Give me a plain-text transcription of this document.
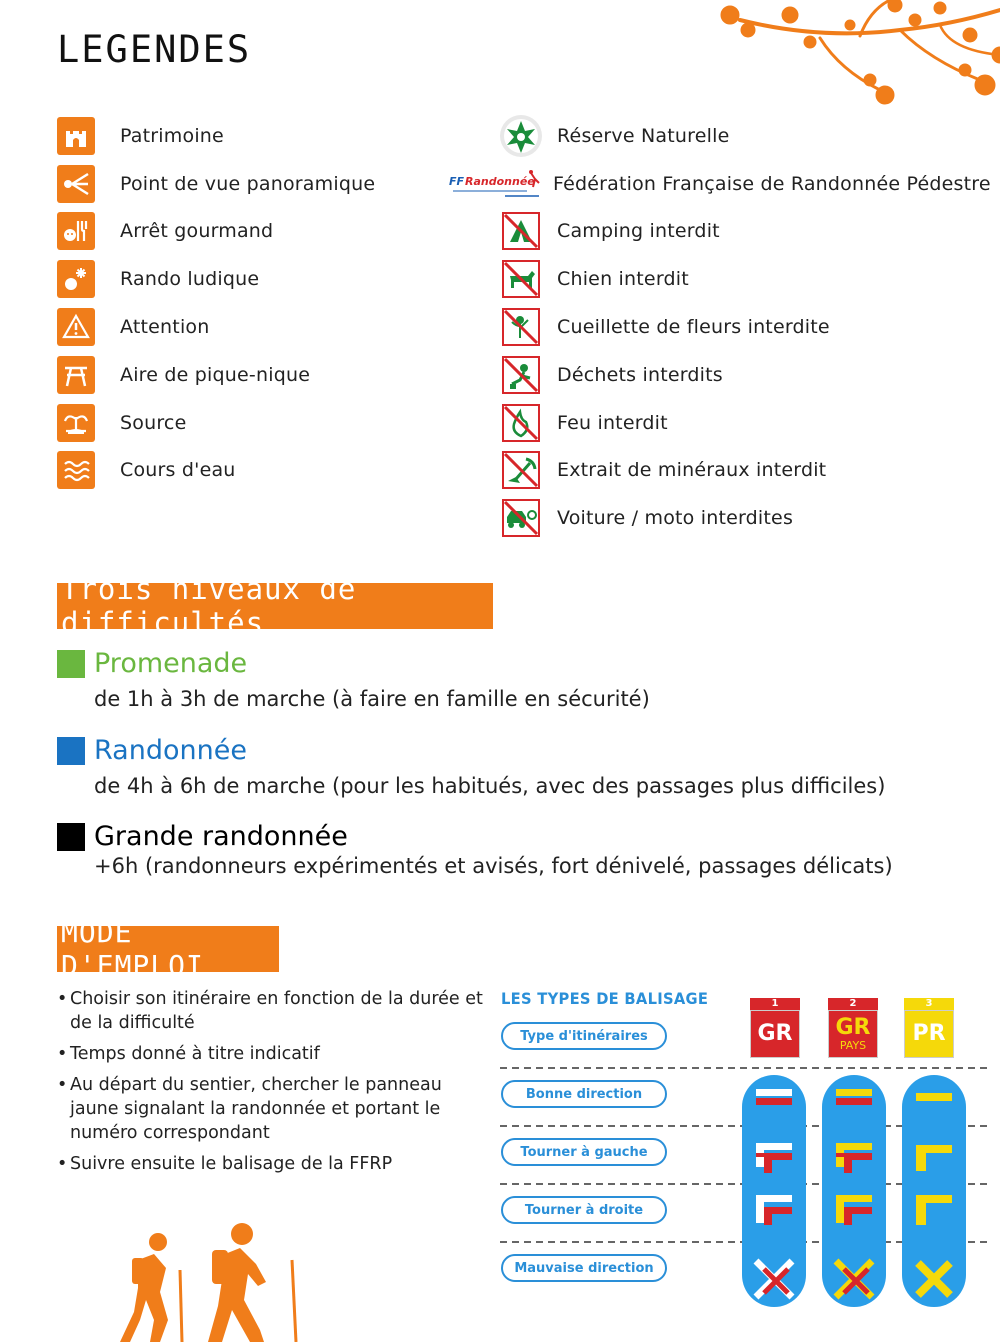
LEGENDES
Patrimoine
Point de vue panoramique
Arrêt gourmand
Rando ludique
Attention
Aire de pique-nique
Source
Cours d'eau
Réserve Naturelle
FF Randonnée Fédération Française de Randonnée Pédestre
Camping interdit
Chien interdit
Cueillette de fleurs interdite
Déchets interdits
Feu interdit
Extrait de minéraux interdit
Voiture / moto interdites
Trois niveaux de difficultés
Promenade
de 1h à 3h de marche (à faire en famille en sécurité)
Randonnée
de 4h à 6h de marche (pour les habitués, avec des passages plus difficiles)
Grande randonnée
+6h (randonneurs expérimentés et avisés, fort dénivelé, passages délicats)
MODE D'EMPLOI
• Choisir son itinéraire en fonction de la durée et de la difficulté
• Temps donné à titre indicatif
• Au départ du sentier, chercher le panneau jaune signalant la randonnée et portant le numéro correspondant
• Suivre ensuite le balisage de la FFRP
LES TYPES DE BALISAGE
Type d'itinéraires
Bonne direction
Tourner à gauche
Tourner à droite
Mauvaise direction
1
GR
2
GR
PAYS
3
PR
